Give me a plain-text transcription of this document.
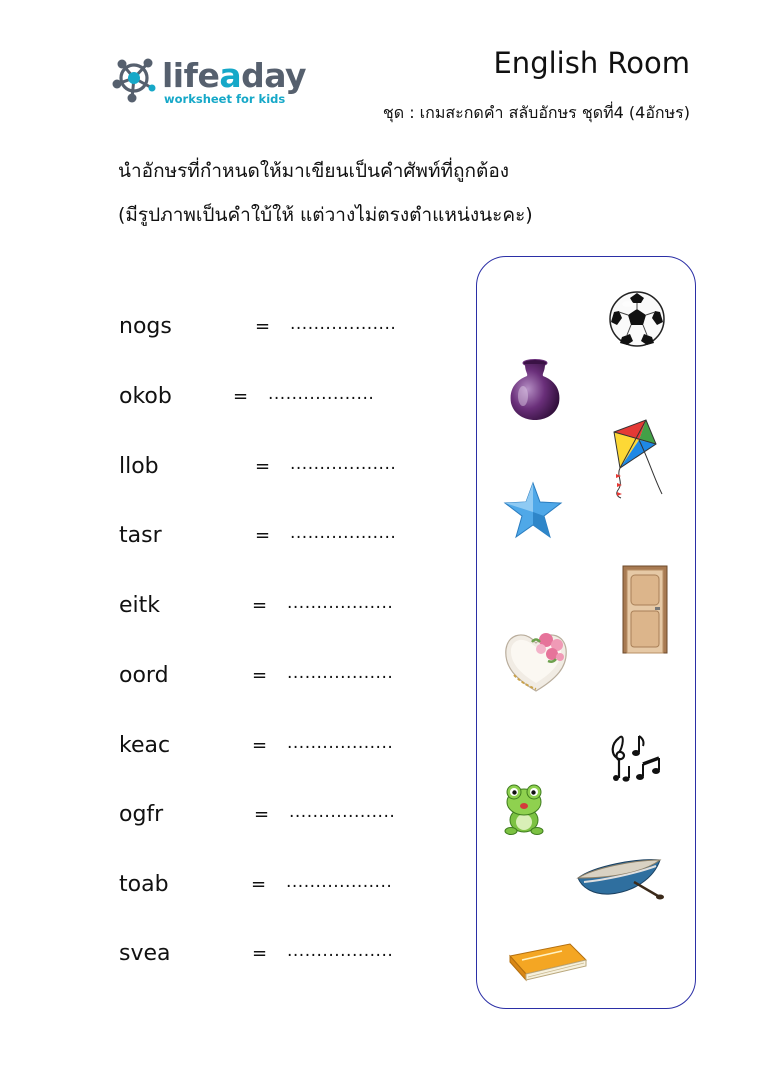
lifeaday
worksheet for kids
English Room
ชุด : เกมสะกดคำ สลับอักษร ชุดที่4 (4อักษร)
นำอักษรที่กำหนดให้มาเขียนเป็นคำศัพท์ที่ถูกต้อง
(มีรูปภาพเป็นคำใบ้ให้ แต่วางไม่ตรงตำแหน่งนะคะ)
nogs	= ..................
okob	= ..................
llob	= ..................
tasr	= ..................
eitk	= ..................
oord	= ..................
keac	= ..................
ogfr	= ..................
toab	= ..................
svea	= ..................
